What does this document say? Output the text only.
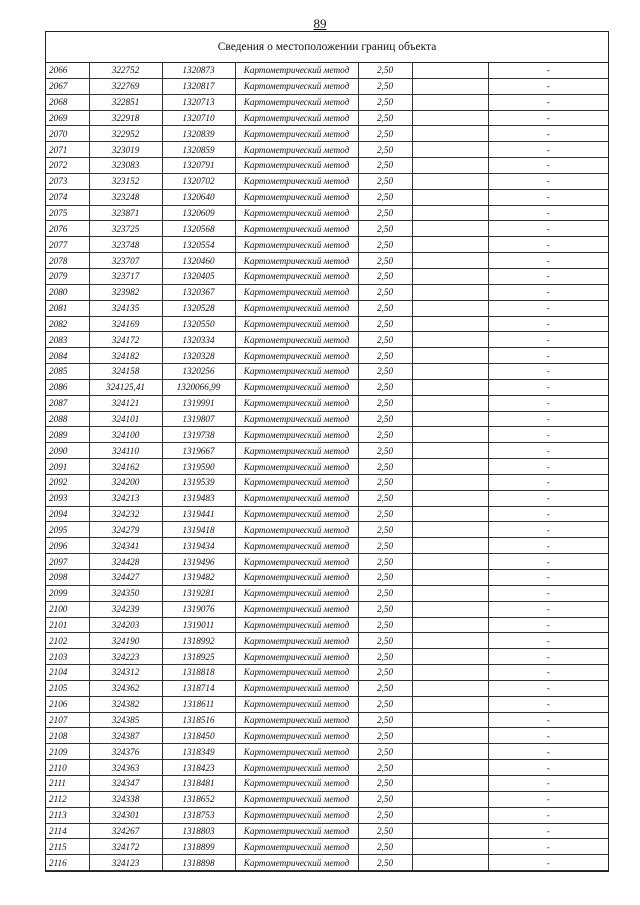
89
Сведения о местоположении границ объекта
2066	322752	1320873	Картометрический метод	2,50		-
2067	322769	1320817	Картометрический метод	2,50		-
2068	322851	1320713	Картометрический метод	2,50		-
2069	322918	1320710	Картометрический метод	2,50		-
2070	322952	1320839	Картометрический метод	2,50		-
2071	323019	1320859	Картометрический метод	2,50		-
2072	323083	1320791	Картометрический метод	2,50		-
2073	323152	1320702	Картометрический метод	2,50		-
2074	323248	1320640	Картометрический метод	2,50		-
2075	323871	1320609	Картометрический метод	2,50		-
2076	323725	1320568	Картометрический метод	2,50		-
2077	323748	1320554	Картометрический метод	2,50		-
2078	323707	1320460	Картометрический метод	2,50		-
2079	323717	1320405	Картометрический метод	2,50		-
2080	323982	1320367	Картометрический метод	2,50		-
2081	324135	1320528	Картометрический метод	2,50		-
2082	324169	1320550	Картометрический метод	2,50		-
2083	324172	1320334	Картометрический метод	2,50		-
2084	324182	1320328	Картометрический метод	2,50		-
2085	324158	1320256	Картометрический метод	2,50		-
2086	324125,41	1320066,99	Картометрический метод	2,50		-
2087	324121	1319991	Картометрический метод	2,50		-
2088	324101	1319807	Картометрический метод	2,50		-
2089	324100	1319738	Картометрический метод	2,50		-
2090	324110	1319667	Картометрический метод	2,50		-
2091	324162	1319590	Картометрический метод	2,50		-
2092	324200	1319539	Картометрический метод	2,50		-
2093	324213	1319483	Картометрический метод	2,50		-
2094	324232	1319441	Картометрический метод	2,50		-
2095	324279	1319418	Картометрический метод	2,50		-
2096	324341	1319434	Картометрический метод	2,50		-
2097	324428	1319496	Картометрический метод	2,50		-
2098	324427	1319482	Картометрический метод	2,50		-
2099	324350	1319281	Картометрический метод	2,50		-
2100	324239	1319076	Картометрический метод	2,50		-
2101	324203	1319011	Картометрический метод	2,50		-
2102	324190	1318992	Картометрический метод	2,50		-
2103	324223	1318925	Картометрический метод	2,50		-
2104	324312	1318818	Картометрический метод	2,50		-
2105	324362	1318714	Картометрический метод	2,50		-
2106	324382	1318611	Картометрический метод	2,50		-
2107	324385	1318516	Картометрический метод	2,50		-
2108	324387	1318450	Картометрический метод	2,50		-
2109	324376	1318349	Картометрический метод	2,50		-
2110	324363	1318423	Картометрический метод	2,50		-
2111	324347	1318481	Картометрический метод	2,50		-
2112	324338	1318652	Картометрический метод	2,50		-
2113	324301	1318753	Картометрический метод	2,50		-
2114	324267	1318803	Картометрический метод	2,50		-
2115	324172	1318899	Картометрический метод	2,50		-
2116	324123	1318898	Картометрический метод	2,50		-
